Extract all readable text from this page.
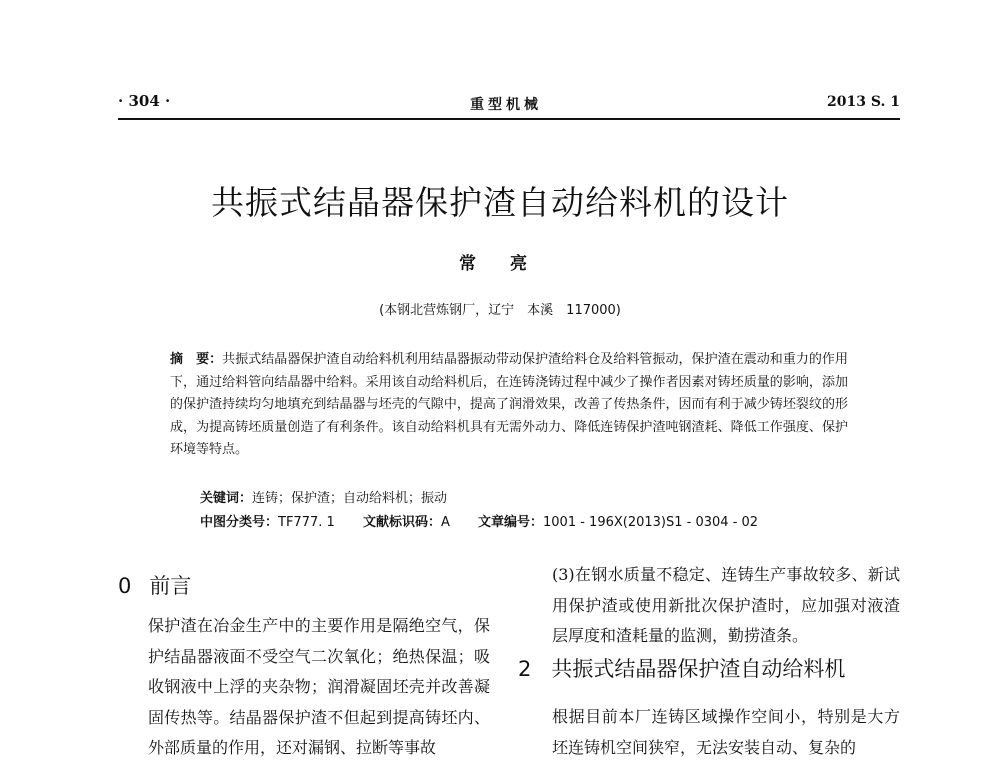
· 304 ·	重型机械	2013 S. 1
共振式结晶器保护渣自动给料机的设计
常 亮
(本钢北营炼钢厂，辽宁　本溪　117000)
摘　要：共振式结晶器保护渣自动给料机利用结晶器振动带动保护渣给料仓及给料管振动，保护渣在震动和重力的作用下，通过给料管向结晶器中给料。采用该自动给料机后，在连铸浇铸过程中减少了操作者因素对铸坯质量的影响，添加的保护渣持续均匀地填充到结晶器与坯壳的气隙中，提高了润滑效果，改善了传热条件，因而有利于减少铸坯裂纹的形成，为提高铸坯质量创造了有利条件。该自动给料机具有无需外动力、降低连铸保护渣吨钢渣耗、降低工作强度、保护环境等特点。
关键词：连铸；保护渣；自动给料机；振动
中图分类号：TF777. 1 文献标识码：A 文章编号：1001 - 196X(2013)S1 - 0304 - 02
0 前言
保护渣在冶金生产中的主要作用是隔绝空气，保护结晶器液面不受空气二次氧化；绝热保温；吸收钢液中上浮的夹杂物；润滑凝固坯壳并改善凝固传热等。结晶器保护渣不但起到提高铸坯内、外部质量的作用，还对漏钢、拉断等事故
(3)在钢水质量不稳定、连铸生产事故较多、新试用保护渣或使用新批次保护渣时，应加强对液渣层厚度和渣耗量的监测，勤捞渣条。
2 共振式结晶器保护渣自动给料机
根据目前本厂连铸区域操作空间小，特别是大方坯连铸机空间狭窄，无法安装自动、复杂的
